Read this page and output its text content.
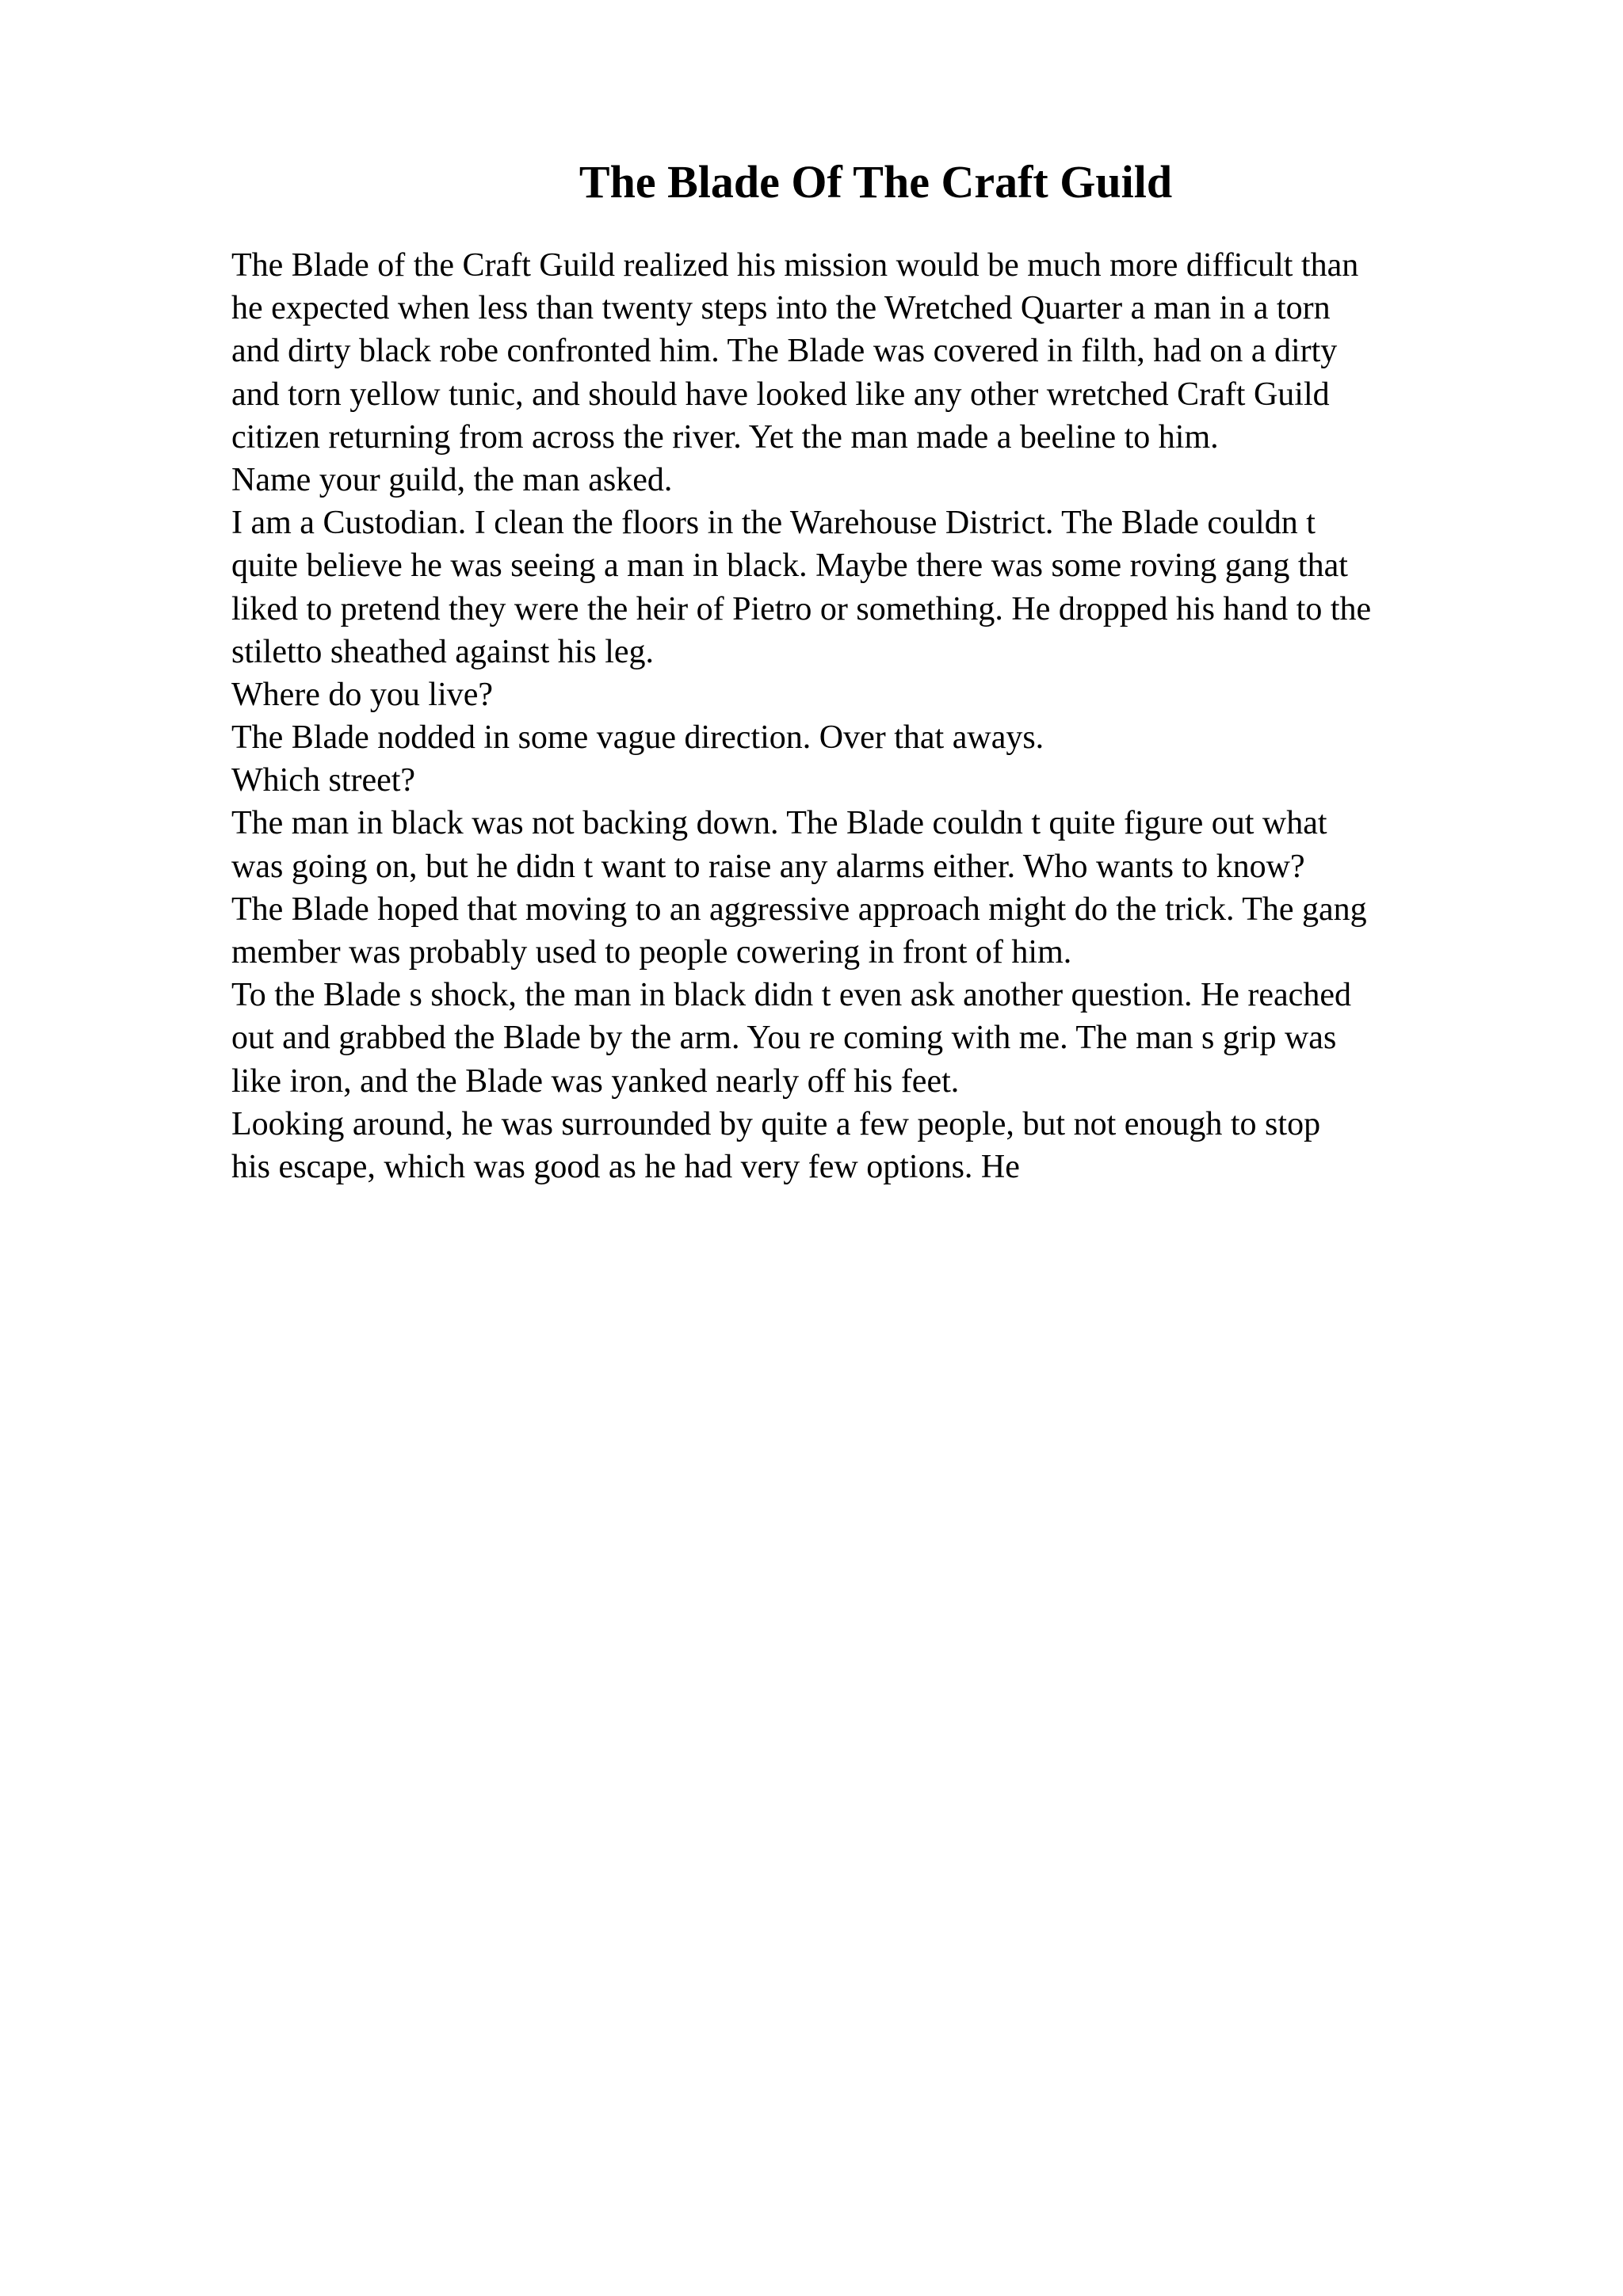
The Blade Of The Craft Guild
The Blade of the Craft Guild realized his mission would be much more difficult than
he expected when less than twenty steps into the Wretched Quarter a man in a torn
and dirty black robe confronted him. The Blade was covered in filth, had on a dirty
and torn yellow tunic, and should have looked like any other wretched Craft Guild
citizen returning from across the river. Yet the man made a beeline to him.
Name your guild, the man asked.
I am a Custodian. I clean the floors in the Warehouse District. The Blade couldn t
quite believe he was seeing a man in black. Maybe there was some roving gang that
liked to pretend they were the heir of Pietro or something. He dropped his hand to the
stiletto sheathed against his leg.
Where do you live?
The Blade nodded in some vague direction. Over that aways.
Which street?
The man in black was not backing down. The Blade couldn t quite figure out what
was going on, but he didn t want to raise any alarms either. Who wants to know?
The Blade hoped that moving to an aggressive approach might do the trick. The gang
member was probably used to people cowering in front of him.
To the Blade s shock, the man in black didn t even ask another question. He reached
out and grabbed the Blade by the arm. You re coming with me. The man s grip was
like iron, and the Blade was yanked nearly off his feet.
Looking around, he was surrounded by quite a few people, but not enough to stop
his escape, which was good as he had very few options. He
